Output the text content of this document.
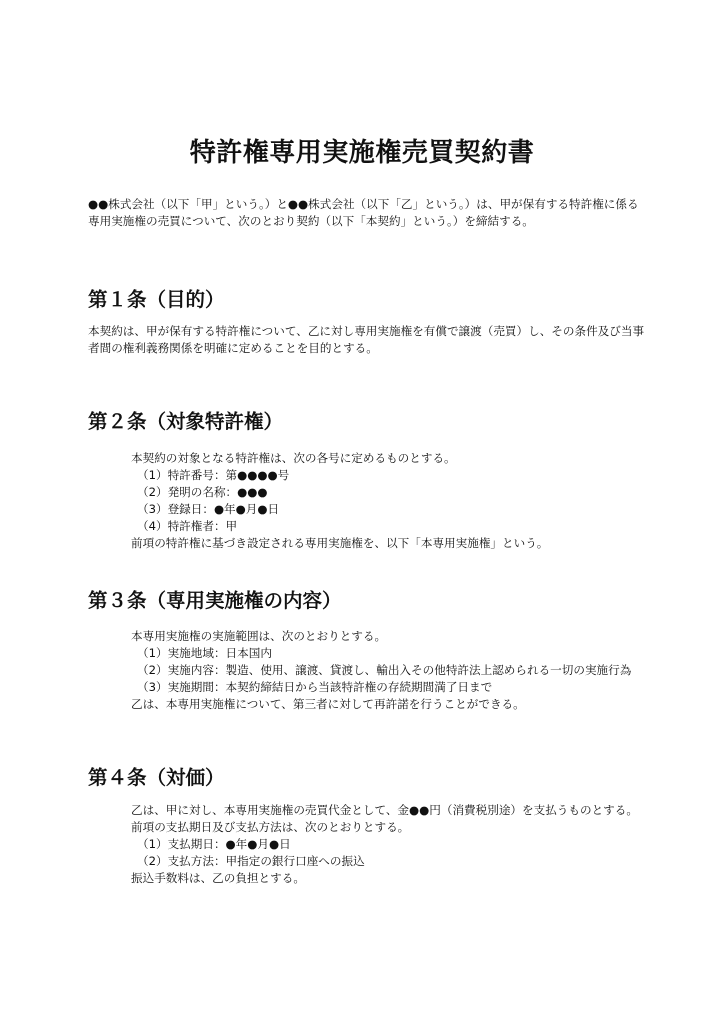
特許権専用実施権売買契約書

●●株式会社（以下「甲」という。）と●●株式会社（以下「乙」という。）は、甲が保有する特許権に係る専用実施権の売買について、次のとおり契約（以下「本契約」という。）を締結する。

第１条（目的）

本契約は、甲が保有する特許権について、乙に対し専用実施権を有償で譲渡（売買）し、その条件及び当事者間の権利義務関係を明確に定めることを目的とする。

第２条（対象特許権）

本契約の対象となる特許権は、次の各号に定めるものとする。

（1）特許番号：第●●●●号

（2）発明の名称：●●●

（3）登録日：●年●月●日

（4）特許権者：甲

前項の特許権に基づき設定される専用実施権を、以下「本専用実施権」という。

第３条（専用実施権の内容）

本専用実施権の実施範囲は、次のとおりとする。

（1）実施地域：日本国内

（2）実施内容：製造、使用、譲渡、貸渡し、輸出入その他特許法上認められる一切の実施行為

（3）実施期間：本契約締結日から当該特許権の存続期間満了日まで

乙は、本専用実施権について、第三者に対して再許諾を行うことができる。

第４条（対価）

乙は、甲に対し、本専用実施権の売買代金として、金●●円（消費税別途）を支払うものとする。

前項の支払期日及び支払方法は、次のとおりとする。

（1）支払期日：●年●月●日

（2）支払方法：甲指定の銀行口座への振込

振込手数料は、乙の負担とする。
